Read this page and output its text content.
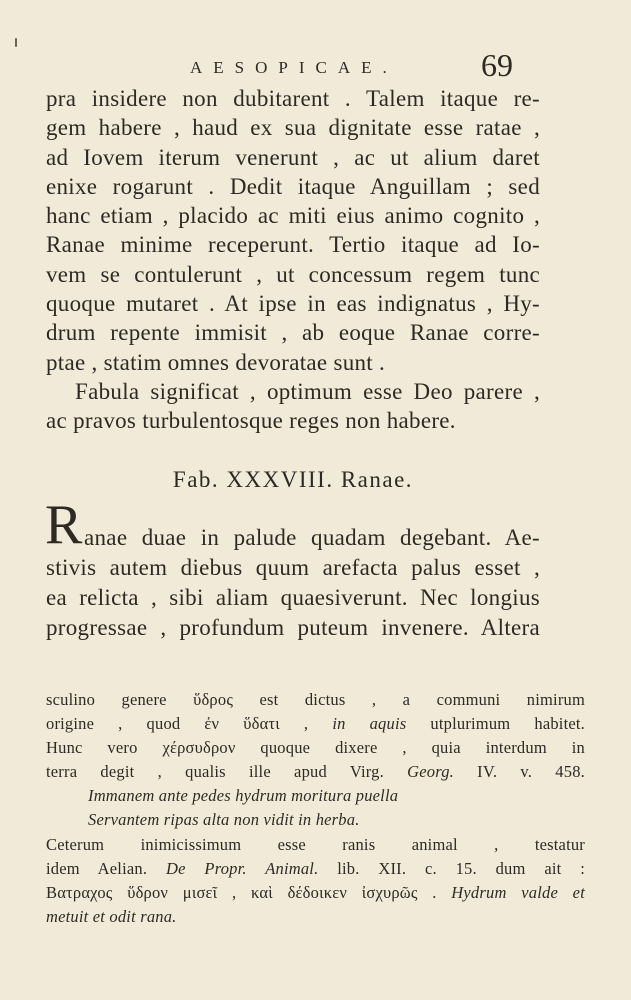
AESOPICAE.	69
pra insidere non dubitarent . Talem itaque re-
gem habere , haud ex sua dignitate esse ratae ,
ad Iovem iterum venerunt , ac ut alium daret
enixe rogarunt . Dedit itaque Anguillam ; sed
hanc etiam , placido ac miti eius animo cognito ,
Ranae minime receperunt. Tertio itaque ad Io-
vem se contulerunt , ut concessum regem tunc
quoque mutaret . At ipse in eas indignatus , Hy-
drum repente immisit , ab eoque Ranae corre-
ptae , statim omnes devoratae sunt .
Fabula significat , optimum esse Deo parere ,
ac pravos turbulentosque reges non habere.
Fab. XXXVIII. Ranae.
R anae duae in palude quadam degebant. Ae-
stivis autem diebus quum arefacta palus esset ,
ea relicta , sibi aliam quaesiverunt. Nec longius
progressae , profundum puteum invenere. Altera
sculino genere ὕδρος est dictus , a communi nimirum
origine , quod ἐν ὕδατι , in aquis utplurimum habitet.
Hunc vero χέρσυδρον quoque dixere , quia interdum in
terra degit , qualis ille apud Virg. Georg. IV. v. 458.
Immanem ante pedes hydrum moritura puella
Servantem ripas alta non vidit in herba.
Ceterum inimicissimum esse ranis animal , testatur
idem Aelian. De Propr. Animal. lib. XII. c. 15. dum ait :
Βατραχος ὕδρον μισεῖ , καὶ δέδοικεν ἰσχυρῶς . Hydrum valde et
metuit et odit rana.
